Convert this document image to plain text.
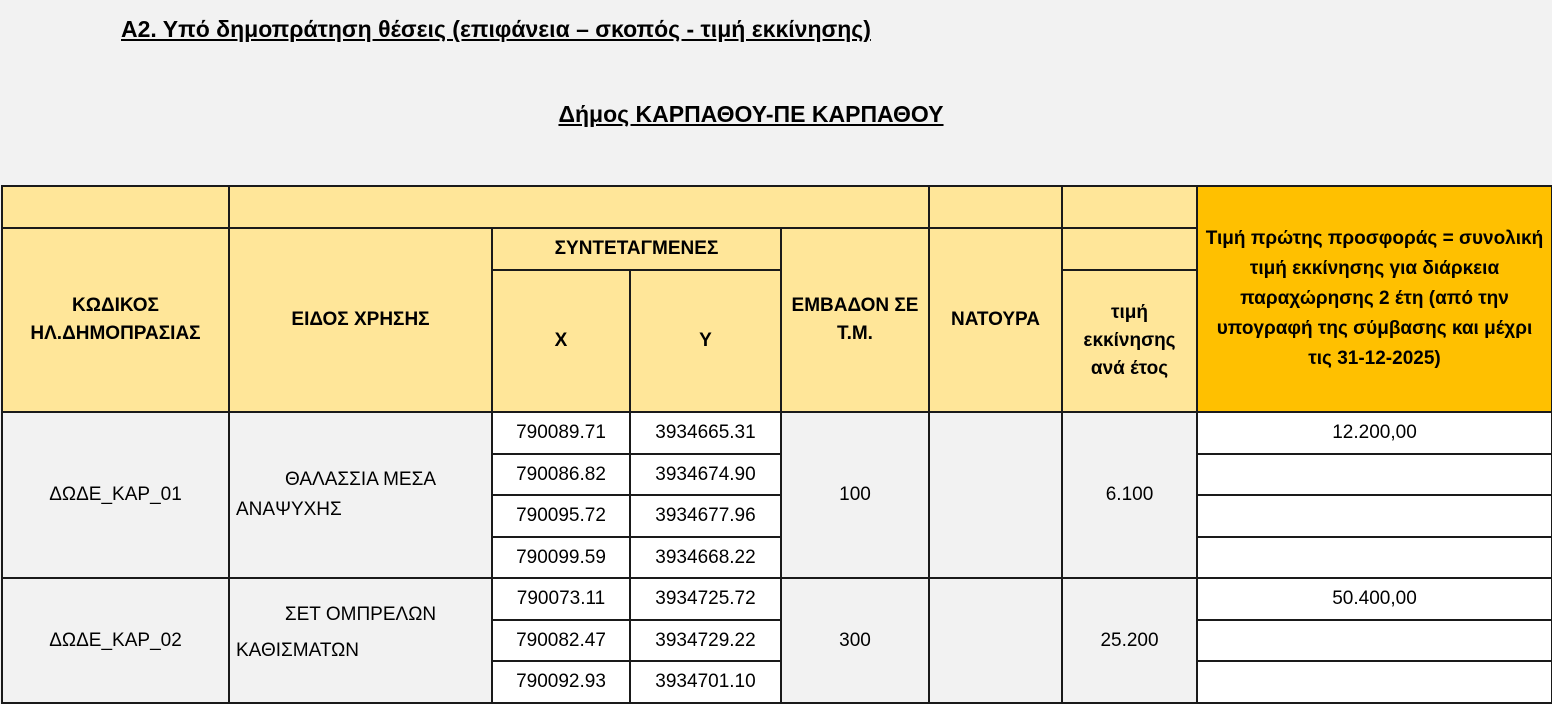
Α2. Υπό δημοπράτηση θέσεις (επιφάνεια – σκοπός - τιμή εκκίνησης)
Δήμος ΚΑΡΠΑΘΟΥ-ΠΕ ΚΑΡΠΑΘΟΥ
							Τιμή πρώτης προσφοράς = συνολική τιμή εκκίνησης για διάρκεια παραχώρησης 2 έτη (από την υπογραφή της σύμβασης και μέχρι τις 31-12-2025)
ΚΩΔΙΚΟΣ ΗΛ.ΔΗΜΟΠΡΑΣΙΑΣ	ΕΙΔΟΣ ΧΡΗΣΗΣ	ΣΥΝΤΕΤΑΓΜΕΝΕΣ		ΕΜΒΑΔΟΝ ΣΕ Τ.Μ.	ΝΑΤΟΥΡΑ		
		X	Y			τιμή εκκίνησης ανά έτος	
ΔΩΔΕ_ΚΑΡ_01	ΘΑΛΑΣΣΙΑ ΜΕΣΑ ΑΝΑΨΥΧΗΣ	790089.71	3934665.31	100		6.100	12.200,00
		790086.82	3934674.90				
		790095.72	3934677.96				
		790099.59	3934668.22				
ΔΩΔΕ_ΚΑΡ_02	ΣΕΤ ΟΜΠΡΕΛΩΝ ΚΑΘΙΣΜΑΤΩΝ	790073.11	3934725.72	300		25.200	50.400,00
		790082.47	3934729.22				
		790092.93	3934701.10				
